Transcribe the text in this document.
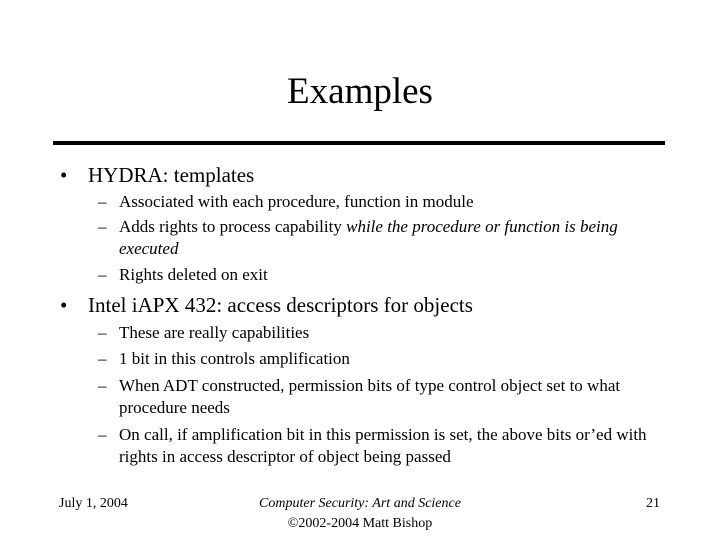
Examples
• HYDRA: templates
– Associated with each procedure, function in module
– Adds rights to process capability while the procedure or function is being executed
– Rights deleted on exit
• Intel iAPX 432: access descriptors for objects
– These are really capabilities
– 1 bit in this controls amplification
– When ADT constructed, permission bits of type control object set to what procedure needs
– On call, if amplification bit in this permission is set, the above bits or’ed with rights in access descriptor of object being passed
July 1, 2004	Computer Security: Art and Science
©2002-2004 Matt Bishop
21
